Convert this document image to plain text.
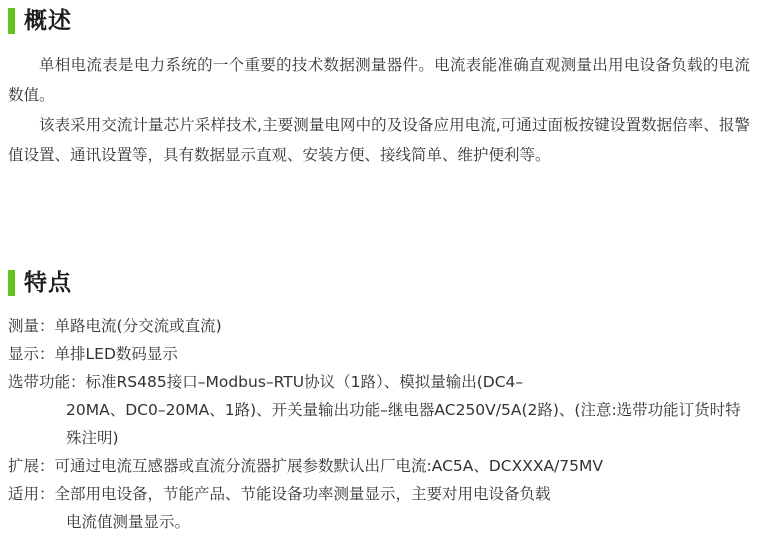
概述

单相电流表是电力系统的一个重要的技术数据测量器件。电流表能准确直观测量出用电设备负载的电流数值。

该表采用交流计量芯片采样技术,主要测量电网中的及设备应用电流,可通过面板按键设置数据倍率、报警值设置、通讯设置等，具有数据显示直观、安装方便、接线简单、维护便利等。

特点
测量： 单路电流(分交流或直流)
显示： 单排LED数码显示
选带功能： 标准RS485接口–Modbus–RTU协议（1路）、模拟量输出(DC4–
20MA、DC0–20MA、1路)、开关量输出功能–继电器AC250V/5A(2路)、(注意:选带功能订货时特殊注明)
扩展： 可通过电流互感器或直流分流器扩展参数默认出厂电流:AC5A、DCXXXA/75MV
适用： 全部用电设备，节能产品、节能设备功率测量显示，主要对用电设备负载
电流值测量显示。
